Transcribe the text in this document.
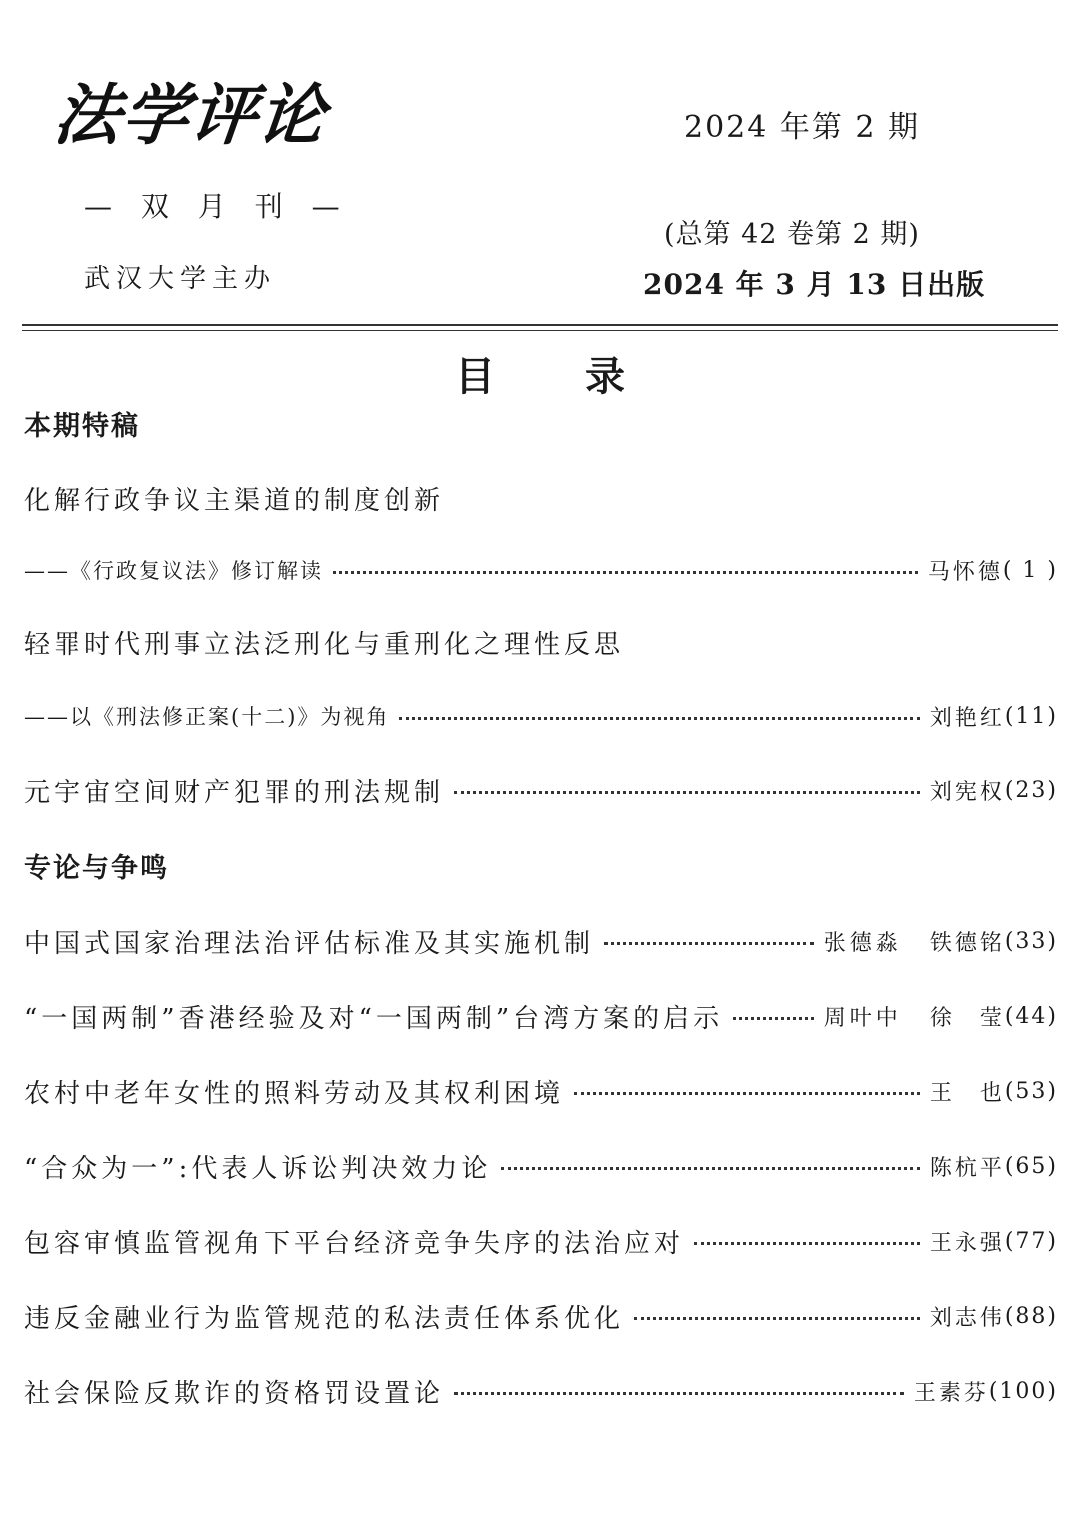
法学评论
— 双 月 刊 —
武汉大学主办
2024 年第 2 期
(总第 42 卷第 2 期)
2024 年 3 月 13 日出版
目录
本期特稿
化解行政争议主渠道的制度创新
——《行政复议法》修订解读	马怀德 ( 1 )
轻罪时代刑事立法泛刑化与重刑化之理性反思
——以《刑法修正案(十二)》为视角	刘艳红 (11)
元宇宙空间财产犯罪的刑法规制	刘宪权 (23)
专论与争鸣
中国式国家治理法治评估标准及其实施机制	张德淼 铁德铭 (33)
“一国两制”香港经验及对“一国两制”台湾方案的启示	周叶中 徐　莹 (44)
农村中老年女性的照料劳动及其权利困境	王　也 (53)
“合众为一”:代表人诉讼判决效力论	陈杭平 (65)
包容审慎监管视角下平台经济竞争失序的法治应对	王永强 (77)
违反金融业行为监管规范的私法责任体系优化	刘志伟 (88)
社会保险反欺诈的资格罚设置论	王素芬 (100)
